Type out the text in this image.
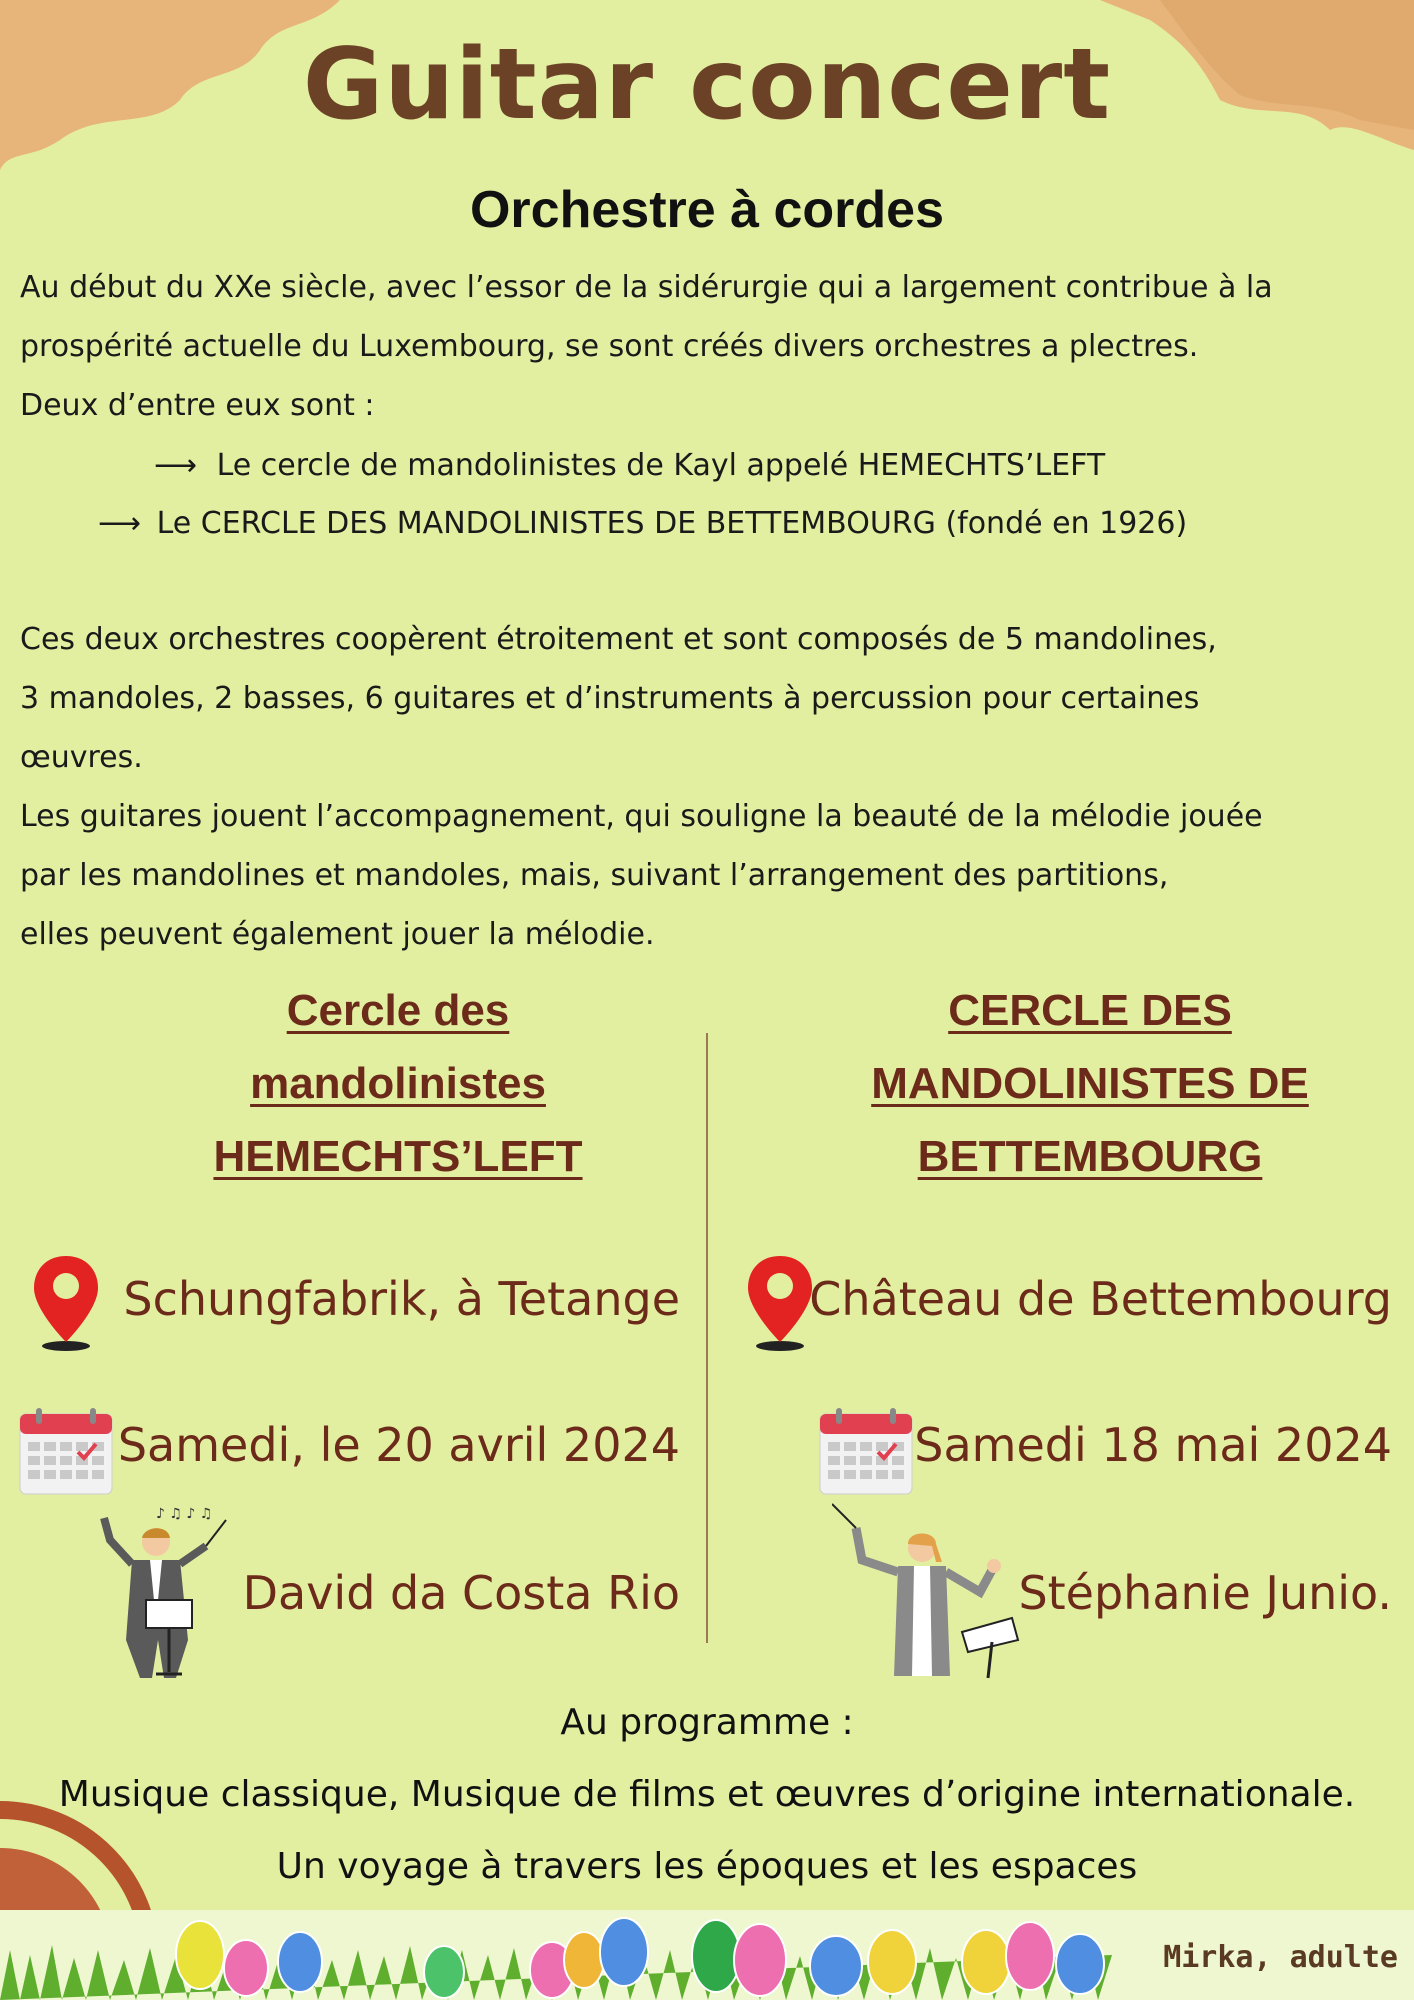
Guitar concert
Orchestre à cordes
Au début du XXe siècle, avec l’essor de la sidérurgie qui a largement contribue à la
prospérité actuelle du Luxembourg, se sont créés divers orchestres a plectres.
Deux d’entre eux sont :
⟶ Le cercle de mandolinistes de Kayl appelé HEMECHTS’LEFT
⟶ Le CERCLE DES MANDOLINISTES DE BETTEMBOURG (fondé en 1926)
Ces deux orchestres coopèrent étroitement et sont composés de 5 mandolines,
3 mandoles, 2 basses, 6 guitares et d’instruments à percussion pour certaines
œuvres.
Les guitares jouent l’accompagnement, qui souligne la beauté de la mélodie jouée
par les mandolines et mandoles, mais, suivant l’arrangement des partitions,
elles peuvent également jouer la mélodie.
Cercle des
mandolinistes
HEMECHTS’LEFT
CERCLE DES
MANDOLINISTES DE
BETTEMBOURG
Schungfabrik, à Tetange	Château de Bettembourg
Samedi, le 20 avril 2024	Samedi 18 mai 2024
♪ ♫ ♪ ♫
David da Costa Rio	Stéphanie Junio.
Au programme :
Musique classique, Musique de films et œuvres d’origine internationale.
Un voyage à travers les époques et les espaces
Mirka, adulte
